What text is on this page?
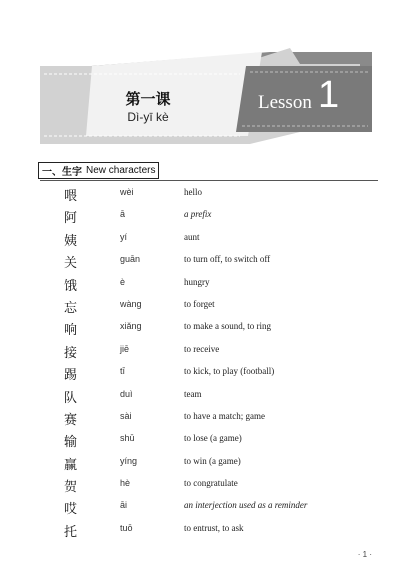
第一课
Dì-yī kè
Lesson 1
一、生字 New characters
喂	wèi	hello
阿	ā	a prefix
姨	yí	aunt
关	guān	to turn off, to switch off
饿	è	hungry
忘	wàng	to forget
响	xiǎng	to make a sound, to ring
接	jiē	to receive
踢	tī	to kick, to play (football)
队	duì	team
赛	sài	to have a match; game
输	shū	to lose (a game)
赢	yíng	to win (a game)
贺	hè	to congratulate
哎	āi	an interjection used as a reminder
托	tuō	to entrust, to ask
· 1 ·
